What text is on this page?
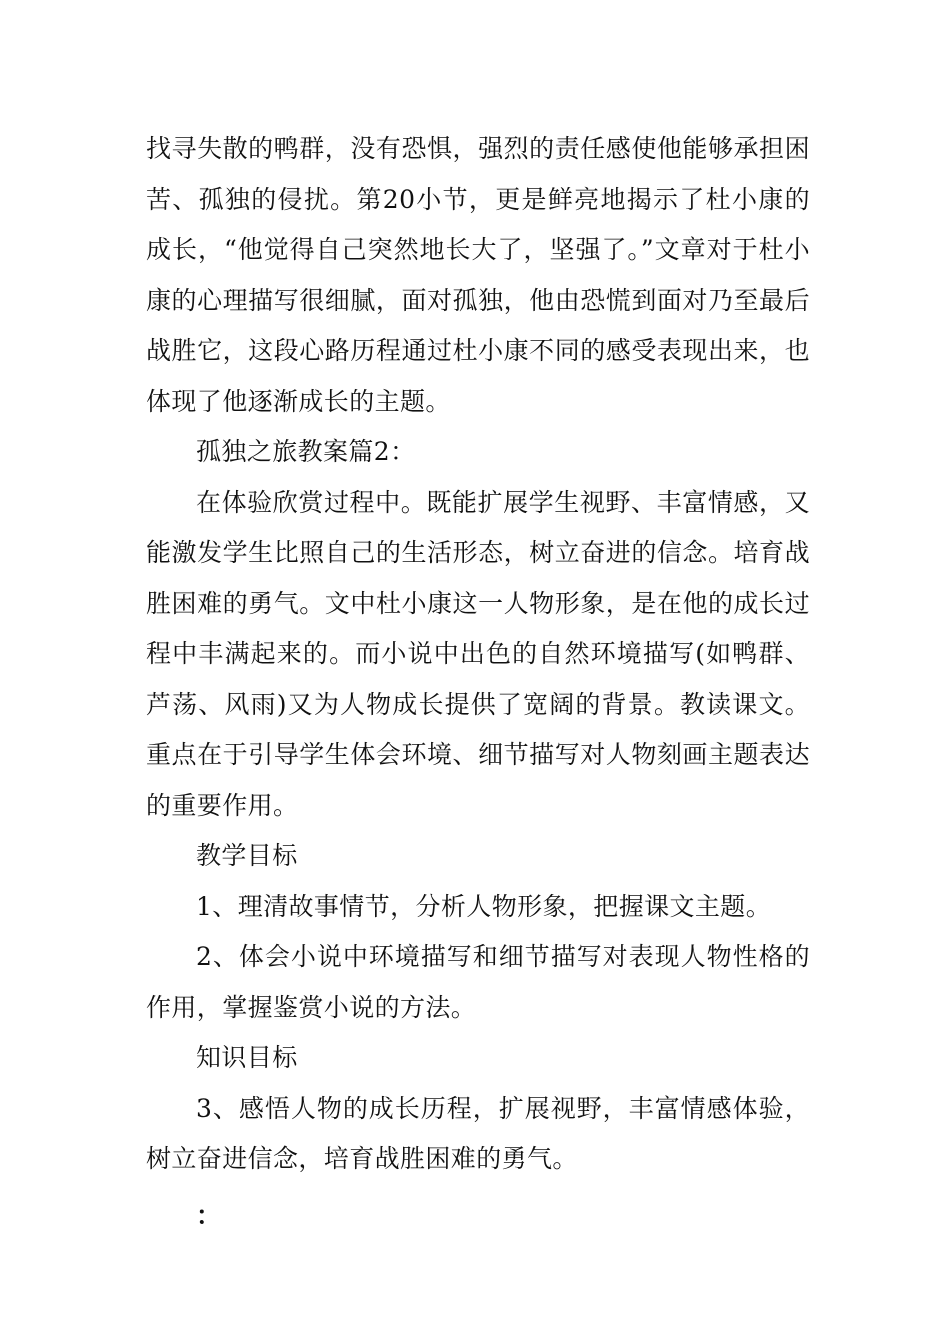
找寻失散的鸭群，没有恐惧，强烈的责任感使他能够承担困苦、孤独的侵扰。第20小节，更是鲜亮地揭示了杜小康的成长，“他觉得自己突然地长大了，坚强了。”文章对于杜小康的心理描写很细腻，面对孤独，他由恐慌到面对乃至最后战胜它，这段心路历程通过杜小康不同的感受表现出来，也体现了他逐渐成长的主题。

孤独之旅教案篇2：

在体验欣赏过程中。既能扩展学生视野、丰富情感，又能激发学生比照自己的生活形态，树立奋进的信念。培育战胜困难的勇气。文中杜小康这一人物形象，是在他的成长过程中丰满起来的。而小说中出色的自然环境描写(如鸭群、芦荡、风雨)又为人物成长提供了宽阔的背景。教读课文。重点在于引导学生体会环境、细节描写对人物刻画主题表达的重要作用。

教学目标

1、理清故事情节，分析人物形象，把握课文主题。

2、体会小说中环境描写和细节描写对表现人物性格的作用，掌握鉴赏小说的方法。

知识目标

3、感悟人物的成长历程，扩展视野，丰富情感体验，树立奋进信念，培育战胜困难的勇气。

：
